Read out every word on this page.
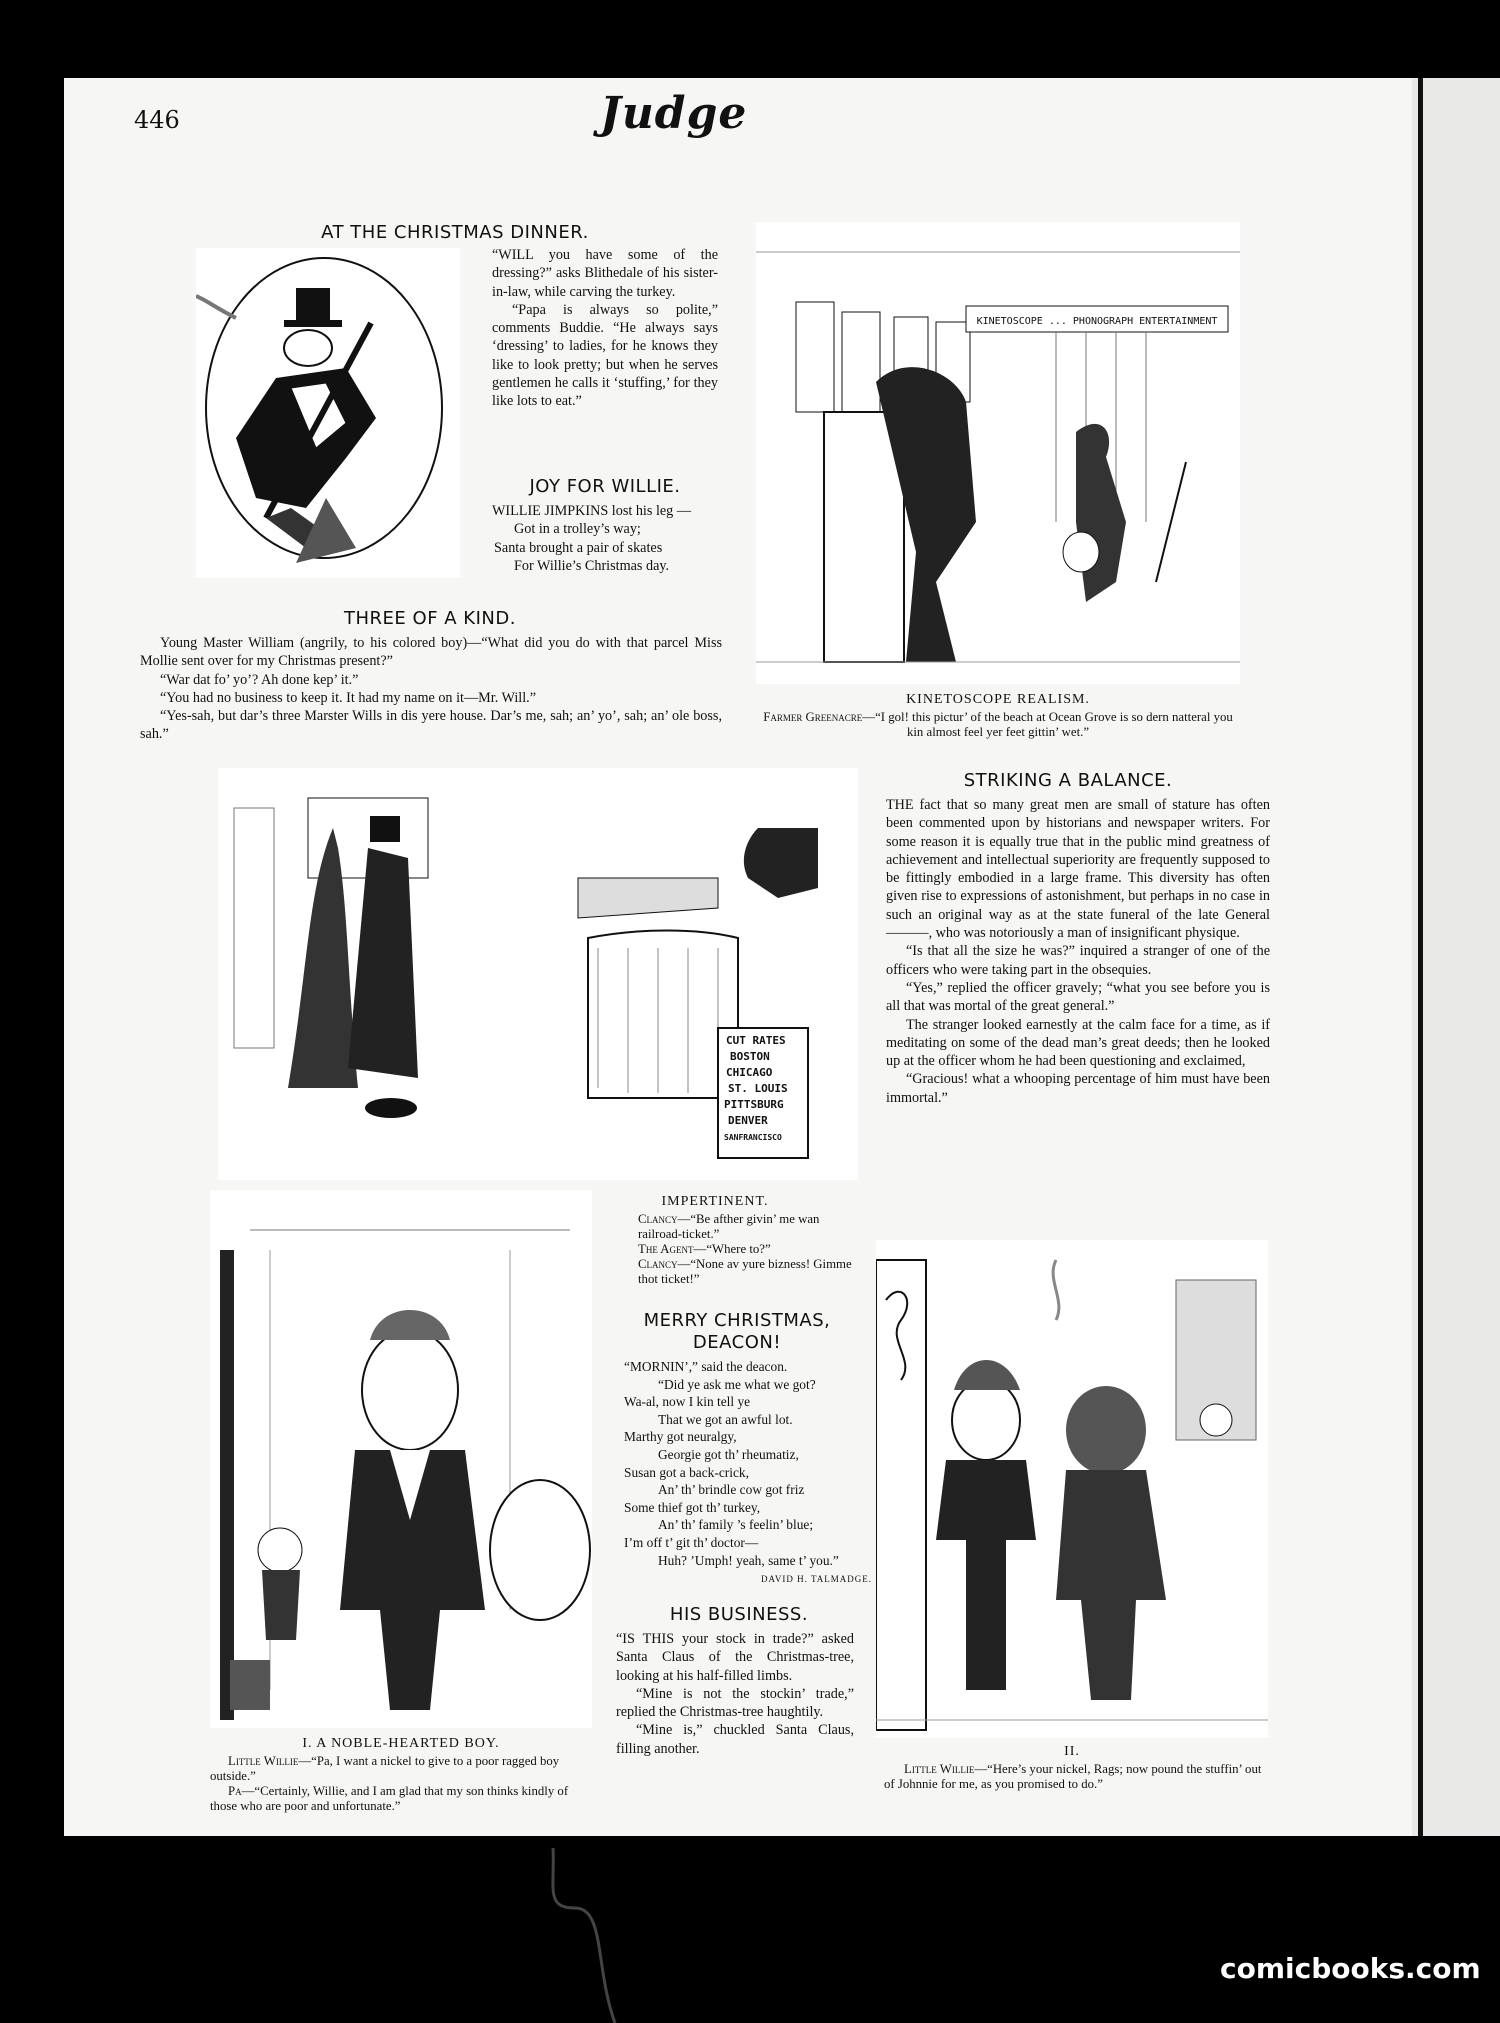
446	Judge
AT THE CHRISTMAS DINNER.

“WILL you have some of the dressing?” asks Blithedale of his sister-in-law, while carving the turkey.

“Papa is always so polite,” comments Buddie. “He always says ‘dressing’ to ladies, for he knows they like to look pretty; but when he serves gentlemen he calls it ‘stuffing,’ for they like lots to eat.”

JOY FOR WILLIE.

WILLIE JIMPKINS lost his leg —

Got in a trolley’s way;

Santa brought a pair of skates

For Willie’s Christmas day.

THREE OF A KIND.

Young Master William (angrily, to his colored boy)—“What did you do with that parcel Miss Mollie sent over for my Christmas present?”

“War dat fo’ yo’? Ah done kep’ it.”

“You had no business to keep it. It had my name on it—Mr. Will.”

“Yes-sah, but dar’s three Marster Wills in dis yere house. Dar’s me, sah; an’ yo’, sah; an’ ole boss, sah.”

KINETOSCOPE ... PHONOGRAPH ENTERTAINMENT
KINETOSCOPE REALISM.
Farmer Greenacre—“I gol! this pictur’ of the beach at Ocean Grove is so dern natteral you kin almost feel yer feet gittin’ wet.”
CUT RATES
BOSTON
CHICAGO
ST. LOUIS
PITTSBURG
DENVER
SANFRANCISCO
IMPERTINENT.
Clancy—“Be afther givin’ me wan railroad-ticket.”
The Agent—“Where to?”
Clancy—“None av yure bizness! Gimme thot ticket!”
STRIKING A BALANCE.

THE fact that so many great men are small of stature has often been commented upon by historians and newspaper writers. For some reason it is equally true that in the public mind greatness of achievement and intellectual superiority are frequently supposed to be fittingly embodied in a large frame. This diversity has often given rise to expressions of astonishment, but perhaps in no case in such an original way as at the state funeral of the late General ———, who was notoriously a man of insignificant physique.

“Is that all the size he was?” inquired a stranger of one of the officers who were taking part in the obsequies.

“Yes,” replied the officer gravely; “what you see before you is all that was mortal of the great general.”

The stranger looked earnestly at the calm face for a time, as if meditating on some of the dead man’s great deeds; then he looked up at the officer whom he had been questioning and exclaimed,

“Gracious! what a whooping percentage of him must have been immortal.”

I. A NOBLE-HEARTED BOY.
Little Willie—“Pa, I want a nickel to give to a poor ragged boy outside.”
Pa—“Certainly, Willie, and I am glad that my son thinks kindly of those who are poor and unfortunate.”
MERRY CHRISTMAS,
DEACON!

“MORNIN’,” said the deacon.

“Did ye ask me what we got?

Wa-al, now I kin tell ye

That we got an awful lot.

Marthy got neuralgy,

Georgie got th’ rheumatiz,

Susan got a back-crick,

An’ th’ brindle cow got friz

Some thief got th’ turkey,

An’ th’ family ’s feelin’ blue;

I’m off t’ git th’ doctor—

Huh? ’Umph! yeah, same t’ you.”

DAVID H. TALMADGE.
HIS BUSINESS.

“IS THIS your stock in trade?” asked Santa Claus of the Christmas-tree, looking at his half-filled limbs.

“Mine is not the stockin’ trade,” replied the Christmas-tree haughtily.

“Mine is,” chuckled Santa Claus, filling another.	II.
Little Willie—“Here’s your nickel, Rags; now pound the stuffin’ out of Johnnie for me, as you promised to do.”
comicbooks.com
